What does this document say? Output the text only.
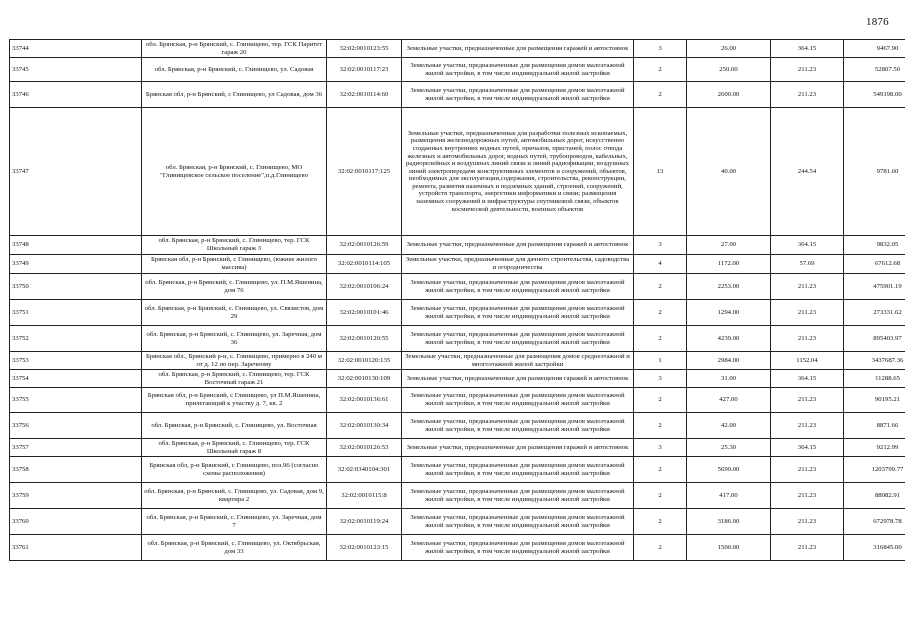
1876
33744	обл. Брянская, р-н Брянский, с. Глинищево, тер. ГСК Паритет гараж 20	32:02:0010123:55	Земельные участки, предназначенные для размещения гаражей и автостоянок	3	26.00	364.15	9467.90
33745	обл. Брянская, р-н Брянский, с. Глинищево, ул. Садовая	32:02:0010117:23	Земельные участки, предназначенные для размещения домов малоэтажной жилой застройки, в том числе индивидуальной жилой застройки	2	250.00	211.23	52807.50
33746	Брянская обл, р-н Брянский, с Глинищево, ул Садовая, дом 36	32:02:0010114:60	Земельные участки, предназначенные для размещения домов малоэтажной жилой застройки, в том числе индивидуальной жилой застройки	2	2600.00	211.23	549198.00
33747	обл. Брянская, р-н Брянский, с. Глинищево, МО "Глинищевское сельское поселение",п.д.Глинищево	32:02:0010117:125	Земельные участки, предназначенные для разработки полезных ископаемых, размещения железнодорожных путей, автомобильных дорог, искусственно созданных внутренних водных путей, причалов, пристаней, полос отвода железных и автомобильных дорог, водных путей, трубопроводов, кабельных, радиорелейных и воздушных линий связи и линий радиофикации, воздушных линий электропередачи конструктивных элементов и сооружений, объектов, необходимых для эксплуатации,содержания, строительства, реконструкции, ремонта, развития наземных и подземных зданий, строений, сооружений, устройств транспорта, энергетики информатики и связи; размещения наземных сооружений и инфраструктуры спутниковой связи, объектов космической деятельности, военных объектов	13	40.00	244.54	9781.60
33748	обл. Брянская, р-н Брянский, с. Глинищево, тер. ГСК Школьный гараж 3	32:02:0010126:59	Земельные участки, предназначенные для размещения гаражей и автостоянок	3	27.00	364.15	9832.05
33749	Брянская обл, р-н Брянский, с Глинищево, (южнее жилого массива)	32:02:0010114:105	Земельные участки, предназначенные для дачного строительства, садоводства и огородничества	4	1172.00	57.69	67612.68
33750	обл. Брянская, р-н Брянский, с. Глинищево, ул. П.М.Яшенина, дом 76	32:02:0010106:24	Земельные участки, предназначенные для размещения домов малоэтажной жилой застройки, в том числе индивидуальной жилой застройки	2	2253.00	211.23	475901.19
33751	обл. Брянская, р-н Брянский, с. Глинищево, ул. Связистов, дом 29	32:02:0010101:46	Земельные участки, предназначенные для размещения домов малоэтажной жилой застройки, в том числе индивидуальной жилой застройки	2	1294.00	211.23	273331.62
33752	обл. Брянская, р-н Брянский, с. Глинищево, ул. Заречная, дом 36	32:02:0010120:55	Земельные участки, предназначенные для размещения домов малоэтажной жилой застройки, в том числе индивидуальной жилой застройки	2	4239.00	211.23	895403.97
33753	Брянская обл., Брянский р-н, с. Глинищево, примерно в 240 м от д. 12 по пер. Заречному	32:02:0010120:135	Земельные участки, предназначенные для размещения домов среднеэтажной и многоэтажной жилой застройки	1	2984.00	1152.04	3437687.36
33754	обл. Брянская, р-н Брянский, с. Глинищево, тер. ГСК Восточный гараж 21	32:02:0010130:109	Земельные участки, предназначенные для размещения гаражей и автостоянок	3	31.00	364.15	11288.65
33755	Брянская обл, р-н Брянский, с Глинищево, ул П.М.Яшенина, прилегающий к участку д. 7, кв. 2	32:02:0010136:61	Земельные участки, предназначенные для размещения домов малоэтажной жилой застройки, в том числе индивидуальной жилой застройки	2	427.00	211.23	90195.21
33756	обл. Брянская, р-н Брянский, с. Глинищево, ул. Восточная	32:02:0010130:34	Земельные участки, предназначенные для размещения домов малоэтажной жилой застройки, в том числе индивидуальной жилой застройки	2	42.00	211.23	8871.66
33757	обл. Брянская, р-н Брянский, с. Глинищево, тер. ГСК Школьный гараж 8	32:02:0010126:53	Земельные участки, предназначенные для размещения гаражей и автостоянок	3	25.30	364.15	9212.99
33758	Брянская обл, р-н Брянский, с Глинищево, поз.96 (согласно схемы расположения)	32:02:0340104:301	Земельные участки, предназначенные для размещения домов малоэтажной жилой застройки, в том числе индивидуальной жилой застройки	2	5699.00	211.23	1203799.77
33759	обл. Брянская, р-н Брянский, с. Глинищево, ул. Садовая, дом 9, квартира 2	32:02:0010115:8	Земельные участки, предназначенные для размещения домов малоэтажной жилой застройки, в том числе индивидуальной жилой застройки	2	417.00	211.23	88082.91
33760	обл. Брянская, р-н Брянский, с. Глинищево, ул. Заречная, дом 7	32:02:0010119:24	Земельные участки, предназначенные для размещения домов малоэтажной жилой застройки, в том числе индивидуальной жилой застройки	2	3186.00	211.23	672978.78
33761	обл. Брянская, р-н Брянский, с. Глинищево, ул. Октябрьская, дом 33	32:02:0010123:15	Земельные участки, предназначенные для размещения домов малоэтажной жилой застройки, в том числе индивидуальной жилой застройки	2	1500.00	211.23	316845.00
